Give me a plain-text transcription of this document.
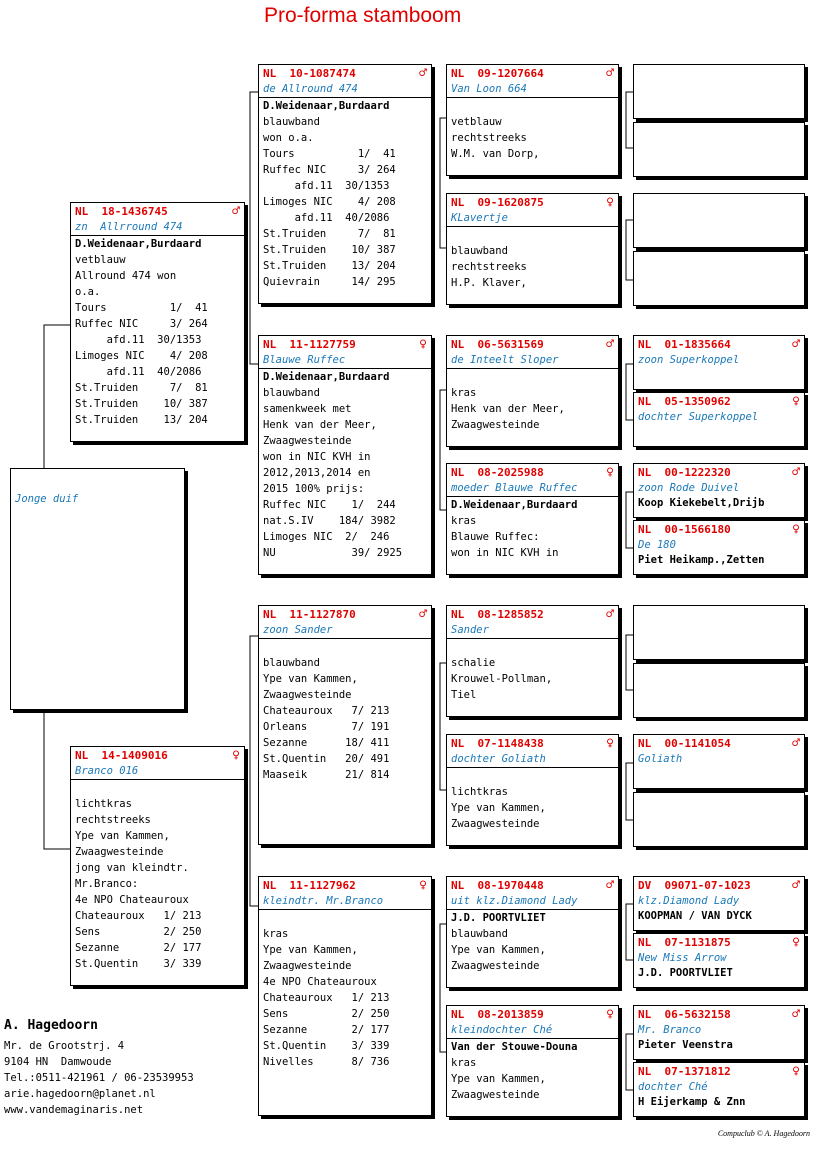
Pro-forma stamboom
Jonge duif
NL  18-1436745	♂
zn  Allrround 474
D.Weidenaar,Burdaard
vetblauw
Allround 474 won
o.a.
Tours          1/  41
Ruffec NIC     3/ 264
afd.11  30/1353
Limoges NIC    4/ 208
afd.11  40/2086
St.Truiden     7/  81
St.Truiden    10/ 387
St.Truiden    13/ 204
NL  14-1409016	♀
Branco 016
lichtkras
rechtstreeks
Ype van Kammen,
Zwaagwesteinde
jong van kleindtr.
Mr.Branco:
4e NPO Chateauroux
Chateauroux   1/ 213
Sens          2/ 250
Sezanne       2/ 177
St.Quentin    3/ 339
NL  10-1087474	♂
de Allround 474
D.Weidenaar,Burdaard
blauwband
won o.a.
Tours          1/  41
Ruffec NIC     3/ 264
afd.11  30/1353
Limoges NIC    4/ 208
afd.11  40/2086
St.Truiden     7/  81
St.Truiden    10/ 387
St.Truiden    13/ 204
Quievrain     14/ 295
NL  11-1127759	♀
Blauwe Ruffec
D.Weidenaar,Burdaard
blauwband
samenkweek met
Henk van der Meer,
Zwaagwesteinde
won in NIC KVH in
2012,2013,2014 en
2015 100% prijs:
Ruffec NIC    1/  244
nat.S.IV    184/ 3982
Limoges NIC  2/  246
NU            39/ 2925
NL  11-1127870	♂
zoon Sander
blauwband
Ype van Kammen,
Zwaagwesteinde
Chateauroux   7/ 213
Orleans       7/ 191
Sezanne      18/ 411
St.Quentin   20/ 491
Maaseik      21/ 814
NL  11-1127962	♀
kleindtr. Mr.Branco
kras
Ype van Kammen,
Zwaagwesteinde
4e NPO Chateauroux
Chateauroux   1/ 213
Sens          2/ 250
Sezanne       2/ 177
St.Quentin    3/ 339
Nivelles      8/ 736
NL  09-1207664	♂
Van Loon 664
vetblauw
rechtstreeks
W.M. van Dorp,
NL  09-1620875	♀
KLavertje
blauwband
rechtstreeks
H.P. Klaver,
NL  06-5631569	♂
de Inteelt Sloper
kras
Henk van der Meer,
Zwaagwesteinde
NL  08-2025988	♀
moeder Blauwe Ruffec
D.Weidenaar,Burdaard
kras
Blauwe Ruffec:
won in NIC KVH in
NL  08-1285852	♂
Sander
schalie
Krouwel-Pollman,
Tiel
NL  07-1148438	♀
dochter Goliath
lichtkras
Ype van Kammen,
Zwaagwesteinde
NL  08-1970448	♂
uit klz.Diamond Lady
J.D. POORTVLIET
blauwband
Ype van Kammen,
Zwaagwesteinde
NL  08-2013859	♀
kleindochter Ché
Van der Stouwe-Douna
kras
Ype van Kammen,
Zwaagwesteinde
NL  01-1835664	♂
zoon Superkoppel
NL  05-1350962	♀
dochter Superkoppel
NL  00-1222320	♂
zoon Rode Duivel
Koop Kiekebelt,Drijb
NL  00-1566180	♀
De 180
Piet Heikamp.,Zetten
NL  00-1141054	♂
Goliath
DV  09071-07-1023	♂
klz.Diamond Lady
KOOPMAN / VAN DYCK
NL  07-1131875	♀
New Miss Arrow
J.D. POORTVLIET
NL  06-5632158	♂
Mr. Branco
Pieter Veenstra
NL  07-1371812	♀
dochter Ché
H Eijerkamp & Znn
A. Hagedoorn
Mr. de Grootstrj. 4
9104 HN  Damwoude
Tel.:0511-421961 / 06-23539953
arie.hagedoorn@planet.nl
www.vandemaginaris.net
Compuclub © A. Hagedoorn
